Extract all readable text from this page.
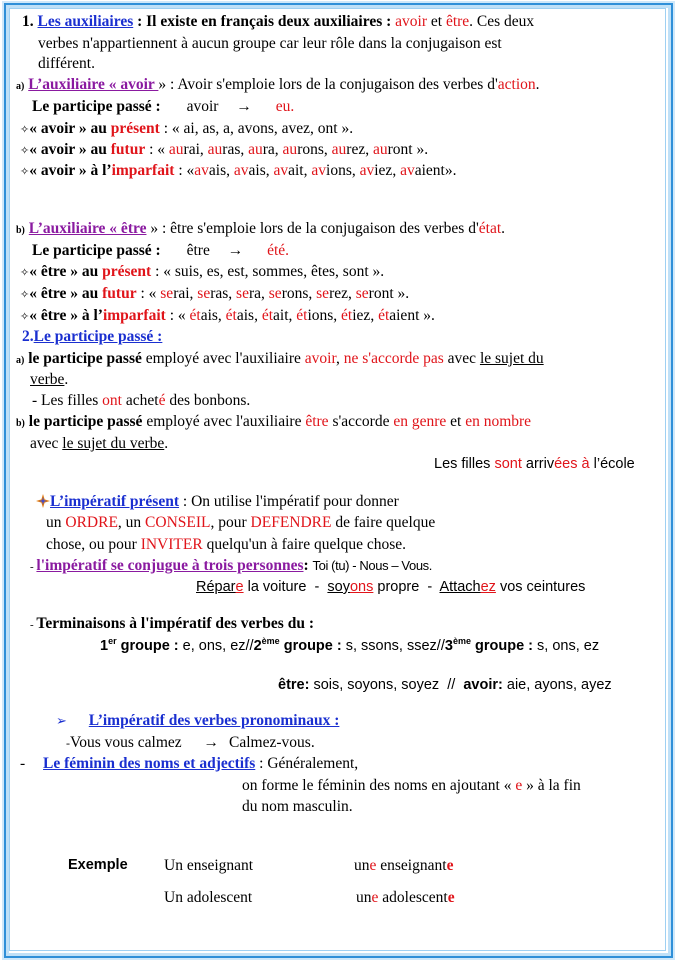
1. Les auxiliaires : Il existe en français deux auxiliaires : avoir et être. Ces deux
verbes n'appartiennent à aucun groupe car leur rôle dans la conjugaison est
différent.
a) L’auxiliaire « avoir » : Avoir s'emploie lors de la conjugaison des verbes d'action.
Le participe passé : avoir → eu.
✧« avoir » au présent : « ai, as, a, avons, avez, ont ».
✧« avoir » au futur : « aurai, auras, aura, aurons, aurez, auront ».
✧« avoir » à l’imparfait : «avais, avais, avait, avions, aviez, avaient».
b) L’auxiliaire « être » : être s'emploie lors de la conjugaison des verbes d'état.
Le participe passé : être → été.
✧« être » au présent : « suis, es, est, sommes, êtes, sont ».
✧« être » au futur : « serai, seras, sera, serons, serez, seront ».
✧« être » à l’imparfait : « étais, étais, était, étions, étiez, étaient ».
2.Le participe passé :
a) le participe passé employé avec l'auxiliaire avoir, ne s'accorde pas avec le sujet du
verbe.
- Les filles ont acheté des bonbons.
b) le participe passé employé avec l'auxiliaire être s'accorde en genre et en nombre
avec le sujet du verbe.
Les filles sont arrivées à l’école
L’impératif présent : On utilise l'impératif pour donner
un ORDRE, un CONSEIL, pour DEFENDRE de faire quelque
chose, ou pour INVITER quelqu'un à faire quelque chose.
- l'impératif se conjugue à trois personnes: Toi (tu) - Nous – Vous.
Répare la voiture  -  soyons propre  -  Attachez vos ceintures
- Terminaisons à l'impératif des verbes du :
1er groupe : e, ons, ez//2ème groupe : s, ssons, ssez//3ème groupe : s, ons, ez
être: sois, soyons, soyez  //  avoir: aie, ayons, ayez
➢ L’impératif des verbes pronominaux :
-Vous vous calmez → Calmez-vous.
- Le féminin des noms et adjectifs : Généralement,
on forme le féminin des noms en ajoutant « e » à la fin
du nom masculin.
Exemple Un enseignant	une enseignante
Un adolescent	une adolescente
